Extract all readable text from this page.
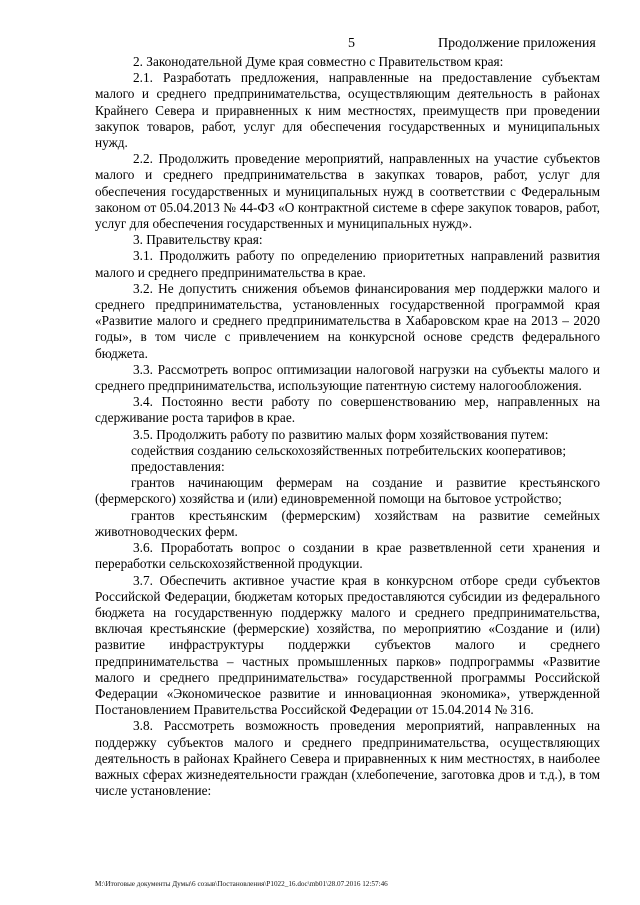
5	Продолжение приложения

2. Законодательной Думе края совместно с Правительством края:

2.1. Разработать предложения, направленные на предоставление субъектам малого и среднего предпринимательства, осуществляющим деятельность в районах Крайнего Севера и приравненных к ним местностях, преимуществ при проведении закупок товаров, работ, услуг для обеспечения государственных и муниципальных нужд.

2.2. Продолжить проведение мероприятий, направленных на участие субъектов малого и среднего предпринимательства в закупках товаров, работ, услуг для обеспечения государственных и муниципальных нужд в соответствии с Федеральным законом от 05.04.2013 № 44-ФЗ «О контрактной системе в сфере закупок товаров, работ, услуг для обеспечения государственных и муниципальных нужд».

3. Правительству края:

3.1. Продолжить работу по определению приоритетных направлений развития малого и среднего предпринимательства в крае.

3.2. Не допустить снижения объемов финансирования мер поддержки малого и среднего предпринимательства, установленных государственной программой края «Развитие малого и среднего предпринимательства в Хабаровском крае на 2013 – 2020 годы», в том числе с привлечением на конкурсной основе средств федерального бюджета.

3.3. Рассмотреть вопрос оптимизации налоговой нагрузки на субъекты малого и среднего предпринимательства, использующие патентную систему налогообложения.

3.4. Постоянно вести работу по совершенствованию мер, направленных на сдерживание роста тарифов в крае.

3.5. Продолжить работу по развитию малых форм хозяйствования путем:

содействия созданию сельскохозяйственных потребительских кооперативов;

предоставления:

грантов начинающим фермерам на создание и развитие крестьянского (фермерского) хозяйства и (или) единовременной помощи на бытовое устройство;

грантов крестьянским (фермерским) хозяйствам на развитие семейных животноводческих ферм.

3.6. Проработать вопрос о создании в крае разветвленной сети хранения и переработки сельскохозяйственной продукции.

3.7. Обеспечить активное участие края в конкурсном отборе среди субъектов Российской Федерации, бюджетам которых предоставляются субсидии из федерального бюджета на государственную поддержку малого и среднего предпринимательства, включая крестьянские (фермерские) хозяйства, по мероприятию «Создание и (или) развитие инфраструктуры поддержки субъектов малого и среднего предпринимательства – частных промышленных парков» подпрограммы «Развитие малого и среднего предпринимательства» государственной программы Российской Федерации «Экономическое развитие и инновационная экономика», утвержденной Постановлением Правительства Российской Федерации от 15.04.2014 № 316.

3.8. Рассмотреть возможность проведения мероприятий, направленных на поддержку субъектов малого и среднего предпринимательства, осуществляющих деятельность в районах Крайнего Севера и приравненных к ним местностях, в наиболее важных сферах жизнедеятельности граждан (хлебопечение, заготовка дров и т.д.), в том числе установление:

M:\Итоговые документы Думы\6 созыв\Постановления\Р1022_16.doc\mb01\28.07.2016 12:57:46
